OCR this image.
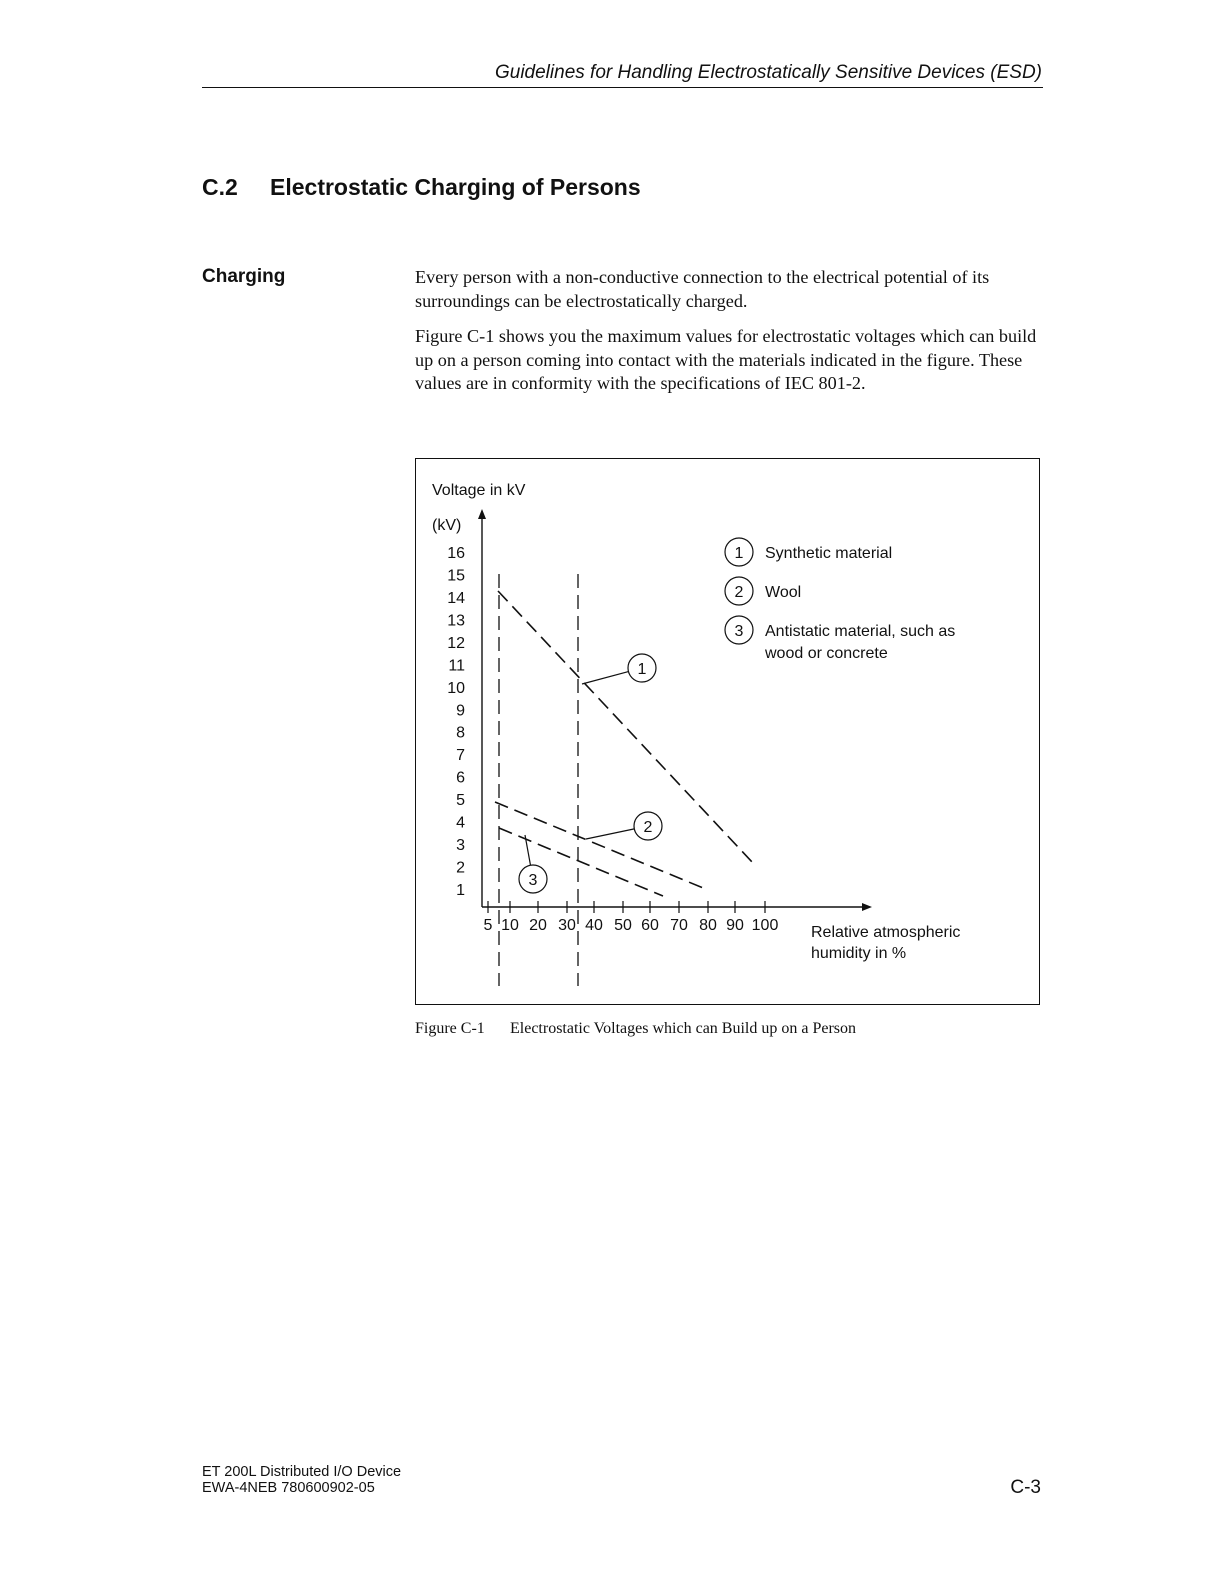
Guidelines for Handling Electrostatically Sensitive Devices (ESD)
C.2 Electrostatic Charging of Persons
Charging	Every person with a non-conductive connection to the electrical potential of its surroundings can be electrostatically charged.
Figure C-1 shows you the maximum values for electrostatic voltages which can build up on a person coming into contact with the materials indicated in the figure. These values are in conformity with the specifications of IEC 801-2.
Voltage in kV
(kV)
1
2
3
4
5
6
7
8
9
10
11
12
13
14
15
16
5 10 20 30 40 50 60 70 80 90 100 Relative atmospheric
humidity in %
1
2
3
1 Synthetic material
2 Wool
3 Antistatic material, such as
wood or concrete
Figure C-1 Electrostatic Voltages which can Build up on a Person
ET 200L Distributed I/O Device
EWA-4NEB 780600902-05	C-3
